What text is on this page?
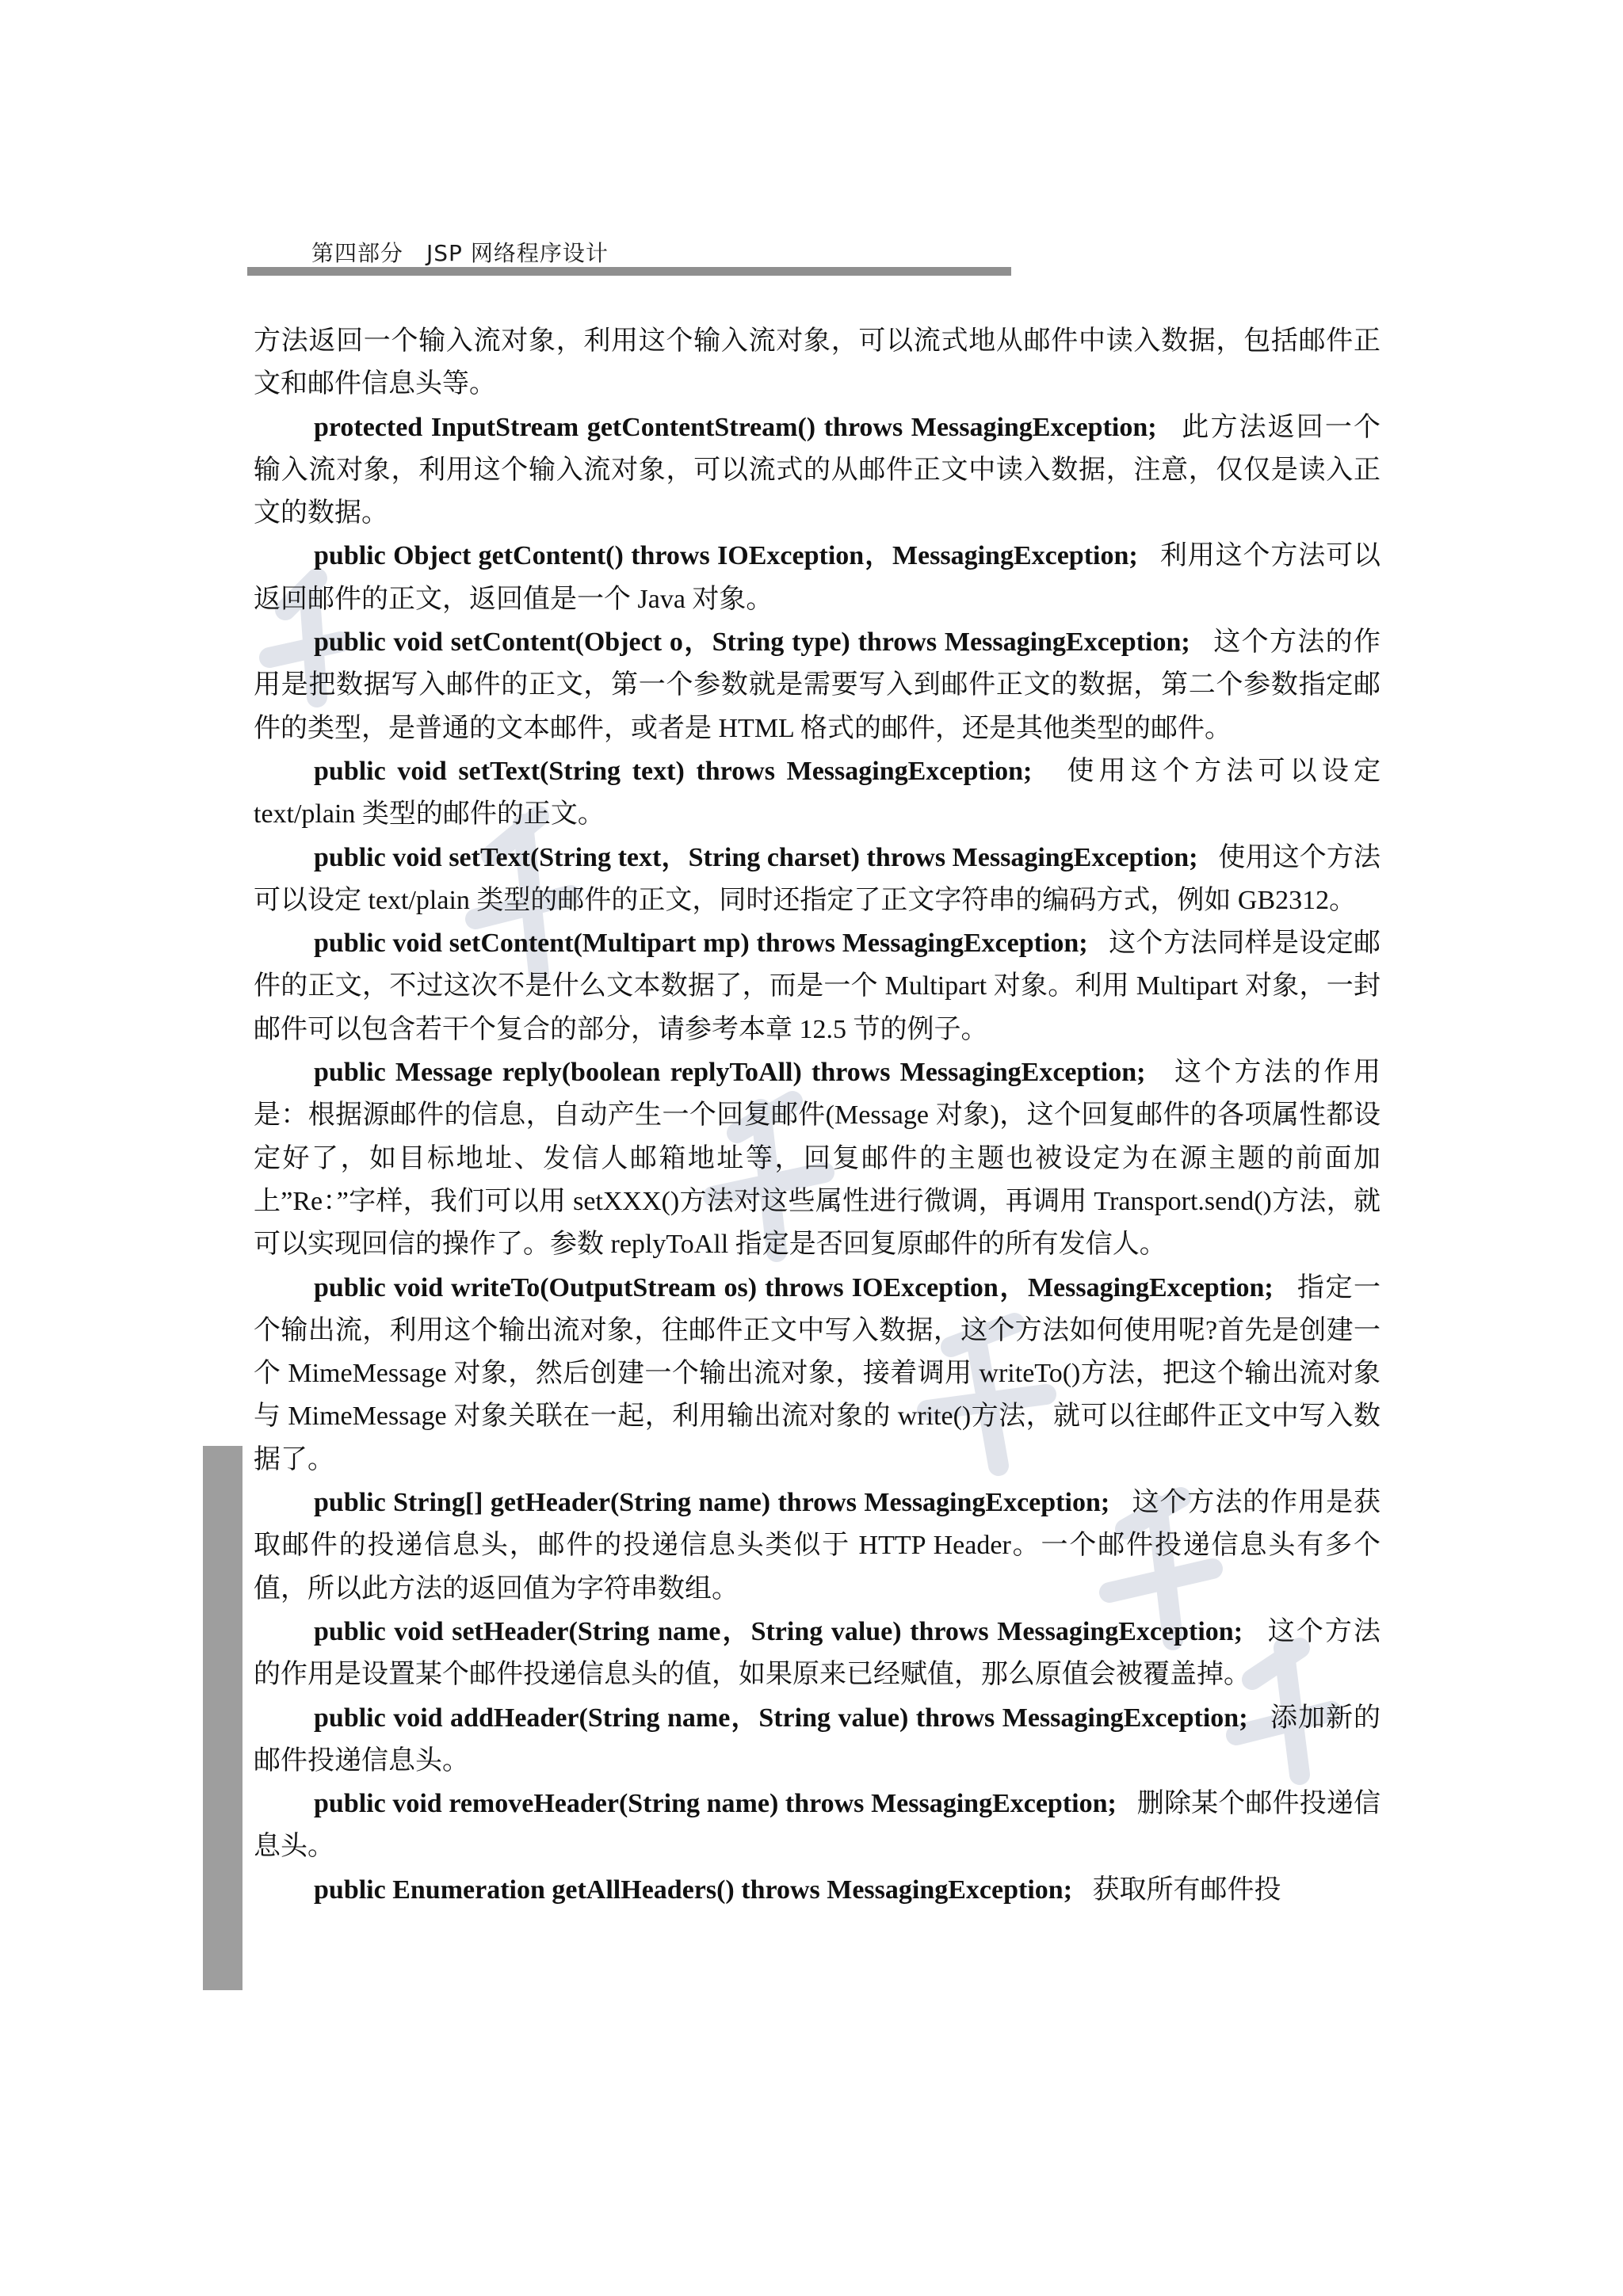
第四部分　JSP 网络程序设计

方法返回一个输入流对象，利用这个输入流对象，可以流式地从邮件中读入数据，包括邮件正文和邮件信息头等。

protected InputStream getContentStream() throws MessagingException; 此方法返回一个输入流对象，利用这个输入流对象，可以流式的从邮件正文中读入数据，注意，仅仅是读入正文的数据。

public Object getContent() throws IOException，MessagingException; 利用这个方法可以返回邮件的正文，返回值是一个 Java 对象。

public void setContent(Object o，String type) throws MessagingException; 这个方法的作用是把数据写入邮件的正文，第一个参数就是需要写入到邮件正文的数据，第二个参数指定邮件的类型，是普通的文本邮件，或者是 HTML 格式的邮件，还是其他类型的邮件。

public void setText(String text) throws MessagingException; 使用这个方法可以设定 text/plain 类型的邮件的正文。

public void setText(String text，String charset) throws MessagingException; 使用这个方法可以设定 text/plain 类型的邮件的正文，同时还指定了正文字符串的编码方式，例如 GB2312。

public void setContent(Multipart mp) throws MessagingException; 这个方法同样是设定邮件的正文，不过这次不是什么文本数据了，而是一个 Multipart 对象。利用 Multipart 对象，一封邮件可以包含若干个复合的部分，请参考本章 12.5 节的例子。

public Message reply(boolean replyToAll) throws MessagingException; 这个方法的作用是：根据源邮件的信息，自动产生一个回复邮件(Message 对象)，这个回复邮件的各项属性都设定好了，如目标地址、发信人邮箱地址等，回复邮件的主题也被设定为在源主题的前面加上”Re：”字样，我们可以用 setXXX()方法对这些属性进行微调，再调用 Transport.send()方法，就可以实现回信的操作了。参数 replyToAll 指定是否回复原邮件的所有发信人。

public void writeTo(OutputStream os) throws IOException，MessagingException; 指定一个输出流，利用这个输出流对象，往邮件正文中写入数据，这个方法如何使用呢?首先是创建一个 MimeMessage 对象，然后创建一个输出流对象，接着调用 writeTo()方法，把这个输出流对象与 MimeMessage 对象关联在一起，利用输出流对象的 write()方法，就可以往邮件正文中写入数据了。

public String[] getHeader(String name) throws MessagingException; 这个方法的作用是获取邮件的投递信息头，邮件的投递信息头类似于 HTTP Header。一个邮件投递信息头有多个值，所以此方法的返回值为字符串数组。

public void setHeader(String name，String value) throws MessagingException; 这个方法的作用是设置某个邮件投递信息头的值，如果原来已经赋值，那么原值会被覆盖掉。

public void addHeader(String name，String value) throws MessagingException; 添加新的邮件投递信息头。

public void removeHeader(String name) throws MessagingException; 删除某个邮件投递信息头。

public Enumeration getAllHeaders() throws MessagingException; 获取所有邮件投
